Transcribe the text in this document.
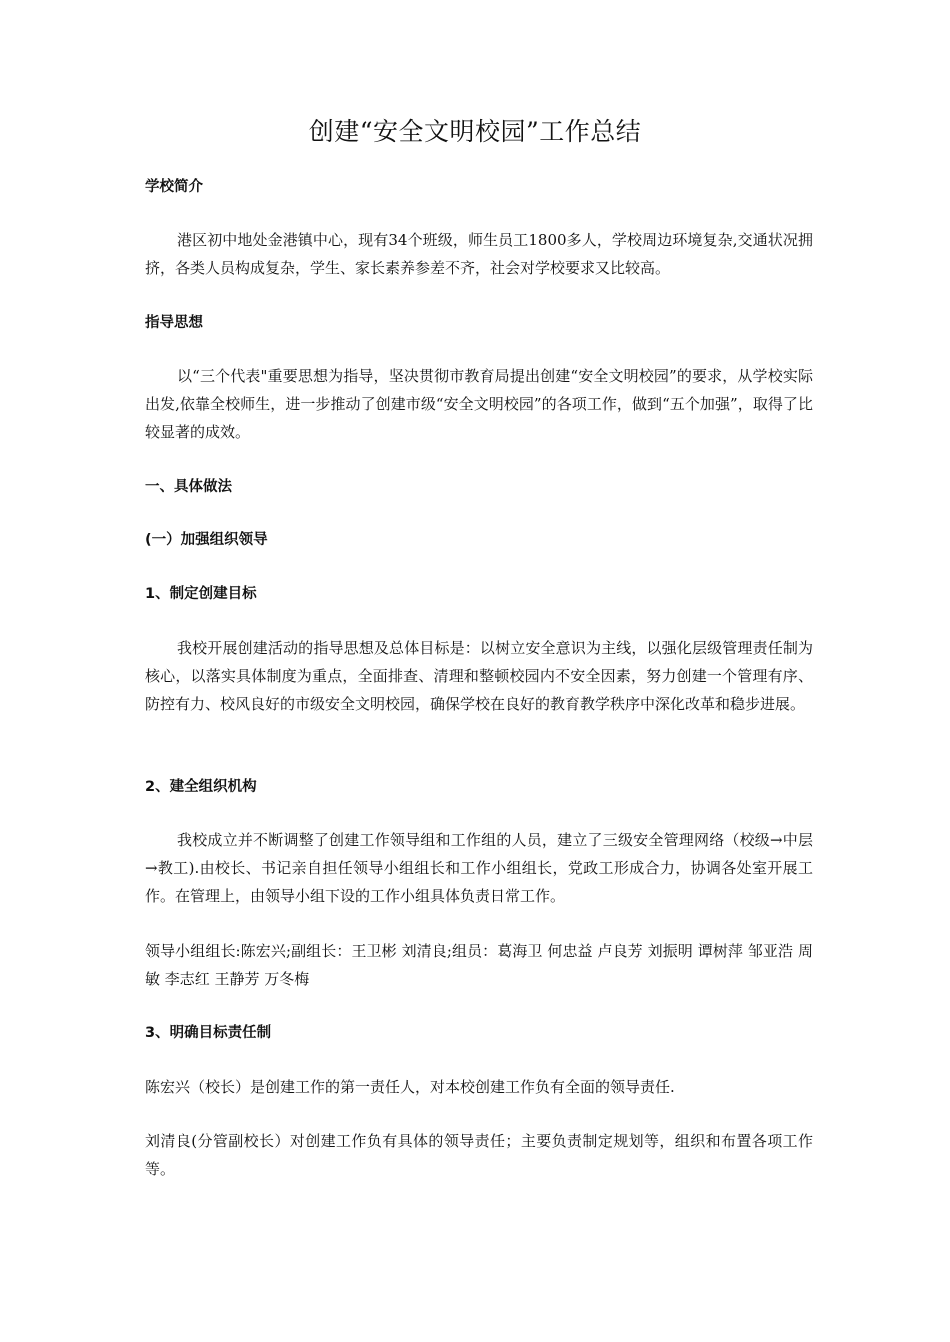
创建“安全文明校园”工作总结
学校简介
港区初中地处金港镇中心，现有34个班级，师生员工1800多人，学校周边环境复杂,交通状况拥挤，各类人员构成复杂，学生、家长素养参差不齐，社会对学校要求又比较高。
指导思想
以“三个代表"重要思想为指导，坚决贯彻市教育局提出创建“安全文明校园”的要求，从学校实际出发,依靠全校师生，进一步推动了创建市级“安全文明校园”的各项工作，做到“五个加强”，取得了比较显著的成效。
一、具体做法
(一）加强组织领导
1、制定创建目标
我校开展创建活动的指导思想及总体目标是：以树立安全意识为主线，以强化层级管理责任制为核心，以落实具体制度为重点，全面排查、清理和整顿校园内不安全因素，努力创建一个管理有序、防控有力、校风良好的市级安全文明校园，确保学校在良好的教育教学秩序中深化改革和稳步进展。
2、建全组织机构
我校成立并不断调整了创建工作领导组和工作组的人员，建立了三级安全管理网络（校级→中层→教工).由校长、书记亲自担任领导小组组长和工作小组组长，党政工形成合力，协调各处室开展工作。在管理上，由领导小组下设的工作小组具体负责日常工作。
领导小组组长:陈宏兴;副组长：王卫彬 刘清良;组员：葛海卫 何忠益 卢良芳 刘振明 谭树萍 邹亚浩 周敏 李志红 王静芳 万冬梅
3、明确目标责任制
陈宏兴（校长）是创建工作的第一责任人，对本校创建工作负有全面的领导责任.
刘清良(分管副校长）对创建工作负有具体的领导责任；主要负责制定规划等，组织和布置各项工作等。
